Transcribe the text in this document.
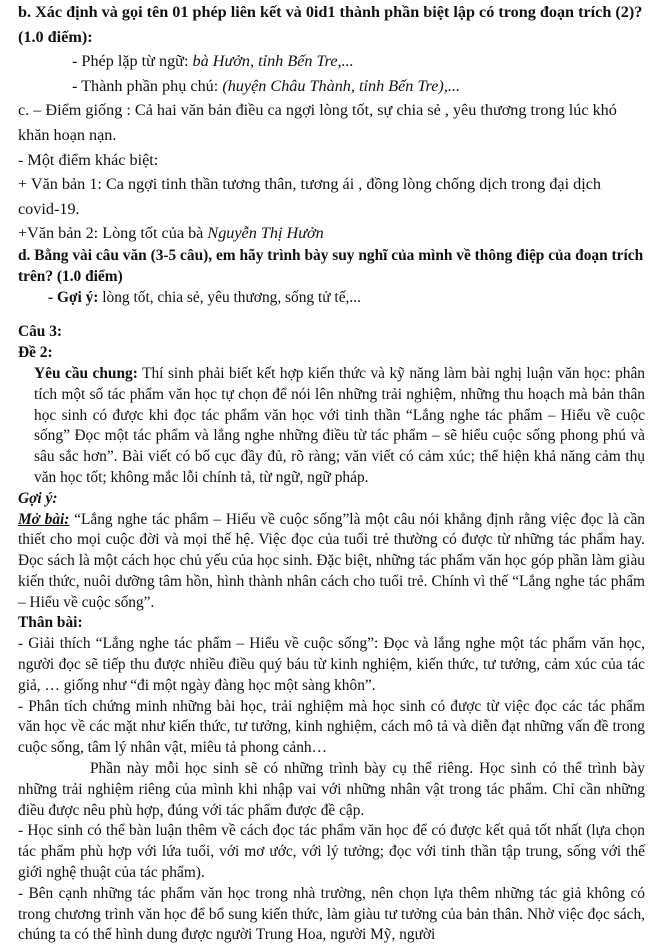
b. Xác định và gọi tên 01 phép liên kết và 0id1 thành phần biệt lập có trong đoạn trích (2)? (1.0 điểm):

- Phép lặp từ ngữ: bà Hưởn, tỉnh Bến Tre,...

- Thành phần phụ chú: (huyện Châu Thành, tỉnh Bến Tre),...

c. – Điểm giống : Cả hai văn bản điều ca ngợi lòng tốt, sự chia sẻ , yêu thương trong lúc khó khăn hoạn nạn.

- Một điểm khác biệt:

+ Văn bản 1: Ca ngợi tinh thần tương thân, tương ái , đồng lòng chống dịch trong đại dịch covid-19.

+Văn bản 2: Lòng tốt của bà Nguyễn Thị Hưởn

d. Bằng vài câu văn (3-5 câu), em hãy trình bày suy nghĩ của mình về thông điệp của đoạn trích trên? (1.0 điểm)

- Gợi ý: lòng tốt, chia sẻ, yêu thương, sống tử tế,...

Câu 3:

Đề 2:

Yêu cầu chung: Thí sinh phải biết kết hợp kiến thức và kỹ năng làm bài nghị luận văn học: phân tích một số tác phẩm văn học tự chọn để nói lên những trải nghiệm, những thu hoạch mà bản thân học sinh có được khi đọc tác phẩm văn học với tinh thần “Lắng nghe tác phẩm – Hiểu về cuộc sống” Đọc một tác phẩm và lắng nghe những điều từ tác phẩm – sẽ hiểu cuộc sống phong phú và sâu sắc hơn”. Bài viết có bố cục đầy đủ, rõ ràng; văn viết có cảm xúc; thể hiện khả năng cảm thụ văn học tốt; không mắc lỗi chính tả, từ ngữ, ngữ pháp.

Gợi ý:

Mở bài: “Lắng nghe tác phẩm – Hiểu về cuộc sống”là một câu nói khẳng định rằng việc đọc là cần thiết cho mọi cuộc đời và mọi thế hệ. Việc đọc của tuổi trẻ thường có được từ những tác phẩm hay. Đọc sách là một cách học chủ yếu của học sinh. Đặc biệt, những tác phẩm văn học góp phần làm giàu kiến thức, nuôi dưỡng tâm hồn, hình thành nhân cách cho tuổi trẻ. Chính vì thế “Lắng nghe tác phẩm – Hiểu về cuộc sống”.

Thân bài:

- Giải thích “Lắng nghe tác phẩm – Hiểu về cuộc sống”: Đọc và lắng nghe một tác phẩm văn học, người đọc sẽ tiếp thu được nhiều điều quý báu từ kinh nghiệm, kiến thức, tư tưởng, cảm xúc của tác giả, … giống như “đi một ngày đàng học một sàng khôn”.

- Phân tích chứng minh những bài học, trải nghiệm mà học sinh có được từ việc đọc các tác phẩm văn học về các mặt như kiến thức, tư tưởng, kinh nghiệm, cách mô tả và diễn đạt những vấn đề trong cuộc sống, tâm lý nhân vật, miêu tả phong cảnh…

Phần này mỗi học sinh sẽ có những trình bày cụ thể riêng. Học sinh có thể trình bày những trải nghiệm riêng của mình khi nhập vai với những nhân vật trong tác phẩm. Chỉ cần những điều được nêu phù hợp, đúng với tác phẩm được đề cập.

- Học sinh có thể bàn luận thêm về cách đọc tác phẩm văn học để có được kết quả tốt nhất (lựa chọn tác phẩm phù hợp với lứa tuổi, với mơ ước, với lý tưởng; đọc với tinh thần tập trung, sống với thế giới nghệ thuật của tác phẩm).

- Bên cạnh những tác phẩm văn học trong nhà trường, nên chọn lựa thêm những tác giả không có trong chương trình văn học để bổ sung kiến thức, làm giàu tư tưởng của bản thân. Nhờ việc đọc sách, chúng ta có thể hình dung được người Trung Hoa, người Mỹ, người
